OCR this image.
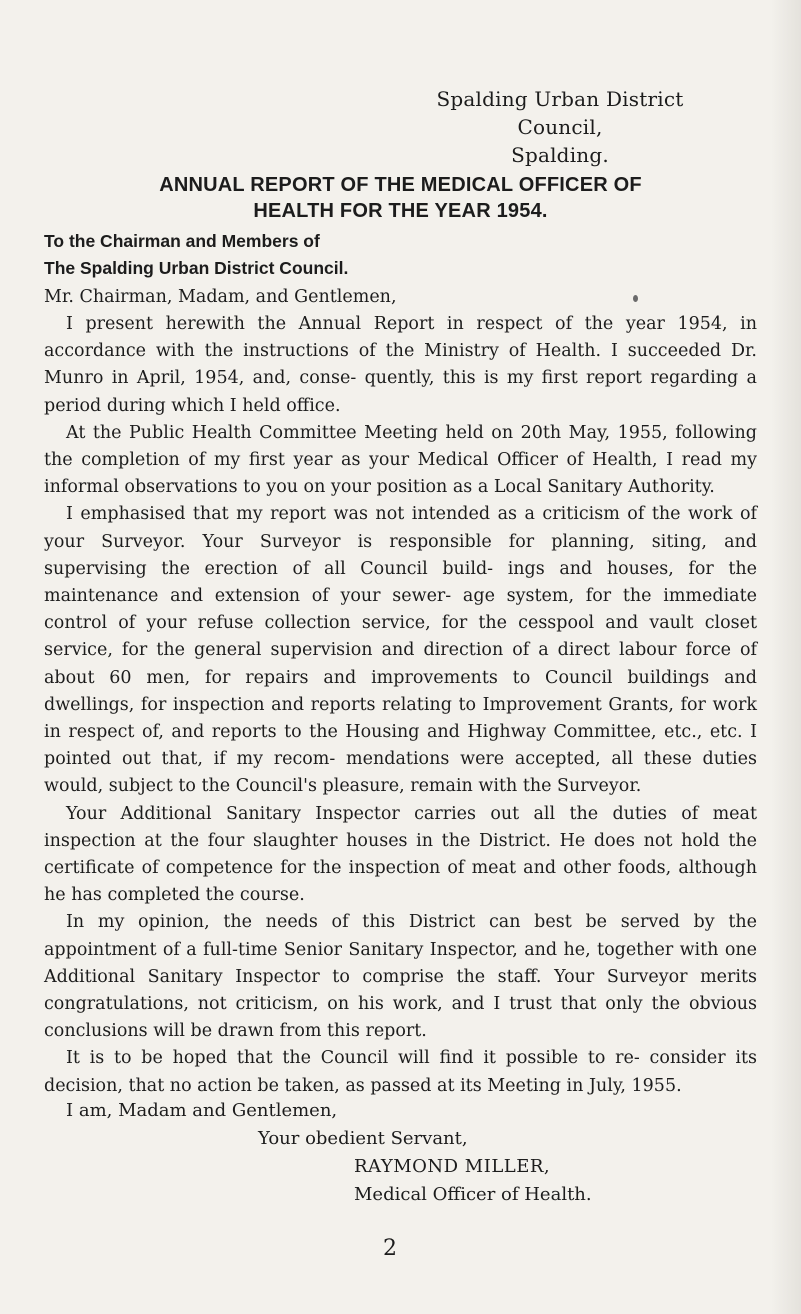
Spalding Urban District Council,
Spalding.
ANNUAL REPORT OF THE MEDICAL OFFICER OF
HEALTH FOR THE YEAR 1954.
To the Chairman and Members of
The Spalding Urban District Council.
Mr. Chairman, Madam, and Gentlemen,

I present herewith the Annual Report in respect of the year 1954, in accordance with the instructions of the Ministry of Health. I succeeded Dr. Munro in April, 1954, and, conse- quently, this is my first report regarding a period during which I held office.

At the Public Health Committee Meeting held on 20th May, 1955, following the completion of my first year as your Medical Officer of Health, I read my informal observations to you on your position as a Local Sanitary Authority.

I emphasised that my report was not intended as a criticism of the work of your Surveyor. Your Surveyor is responsible for planning, siting, and supervising the erection of all Council build- ings and houses, for the maintenance and extension of your sewer- age system, for the immediate control of your refuse collection service, for the cesspool and vault closet service, for the general supervision and direction of a direct labour force of about 60 men, for repairs and improvements to Council buildings and dwellings, for inspection and reports relating to Improvement Grants, for work in respect of, and reports to the Housing and Highway Committee, etc., etc. I pointed out that, if my recom- mendations were accepted, all these duties would, subject to the Council's pleasure, remain with the Surveyor.

Your Additional Sanitary Inspector carries out all the duties of meat inspection at the four slaughter houses in the District. He does not hold the certificate of competence for the inspection of meat and other foods, although he has completed the course.

In my opinion, the needs of this District can best be served by the appointment of a full-time Senior Sanitary Inspector, and he, together with one Additional Sanitary Inspector to comprise the staff. Your Surveyor merits congratulations, not criticism, on his work, and I trust that only the obvious conclusions will be drawn from this report.

It is to be hoped that the Council will find it possible to re- consider its decision, that no action be taken, as passed at its Meeting in July, 1955.

I am, Madam and Gentlemen,
Your obedient Servant,
RAYMOND MILLER,
Medical Officer of Health.
2
